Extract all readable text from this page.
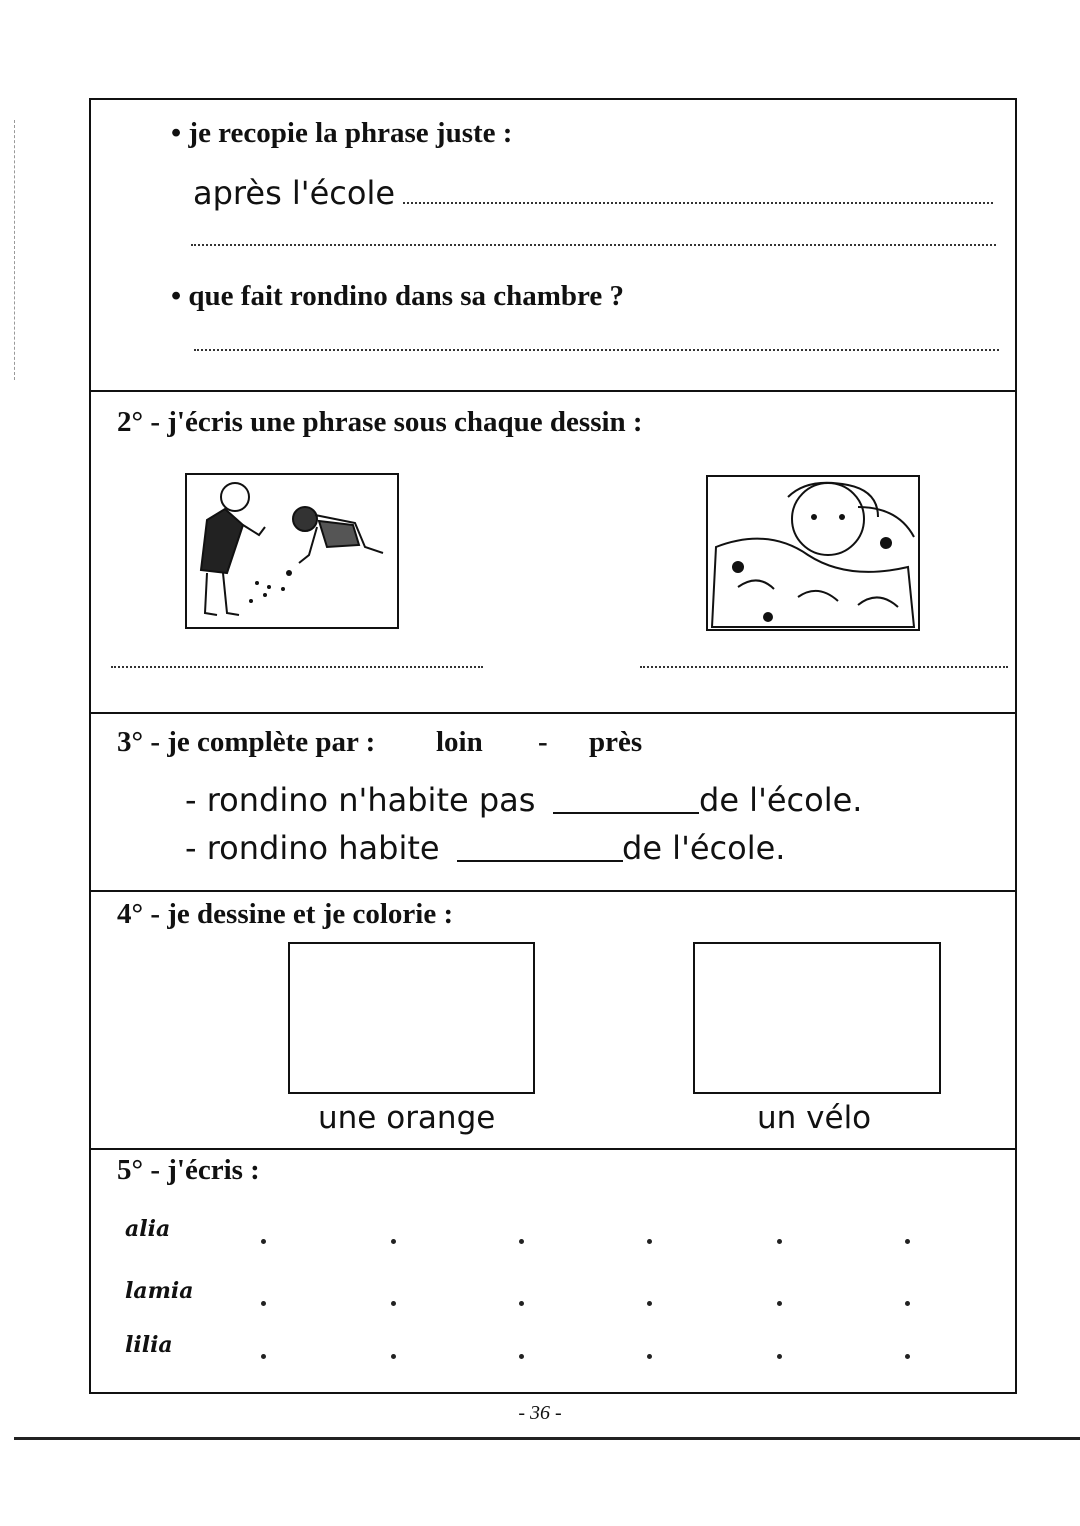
• je recopie la phrase juste :
après l'école
• que fait rondino dans sa chambre ?
2° - j'écris une phrase sous chaque dessin :
3° - je complète par : loin - près
- rondino n'habite pas	de l'école.
- rondino habite	de l'école.
4° - je dessine et je colorie :
une orange	un vélo
5° - j'écris :
alia
lamia
lilia
- 36 -
